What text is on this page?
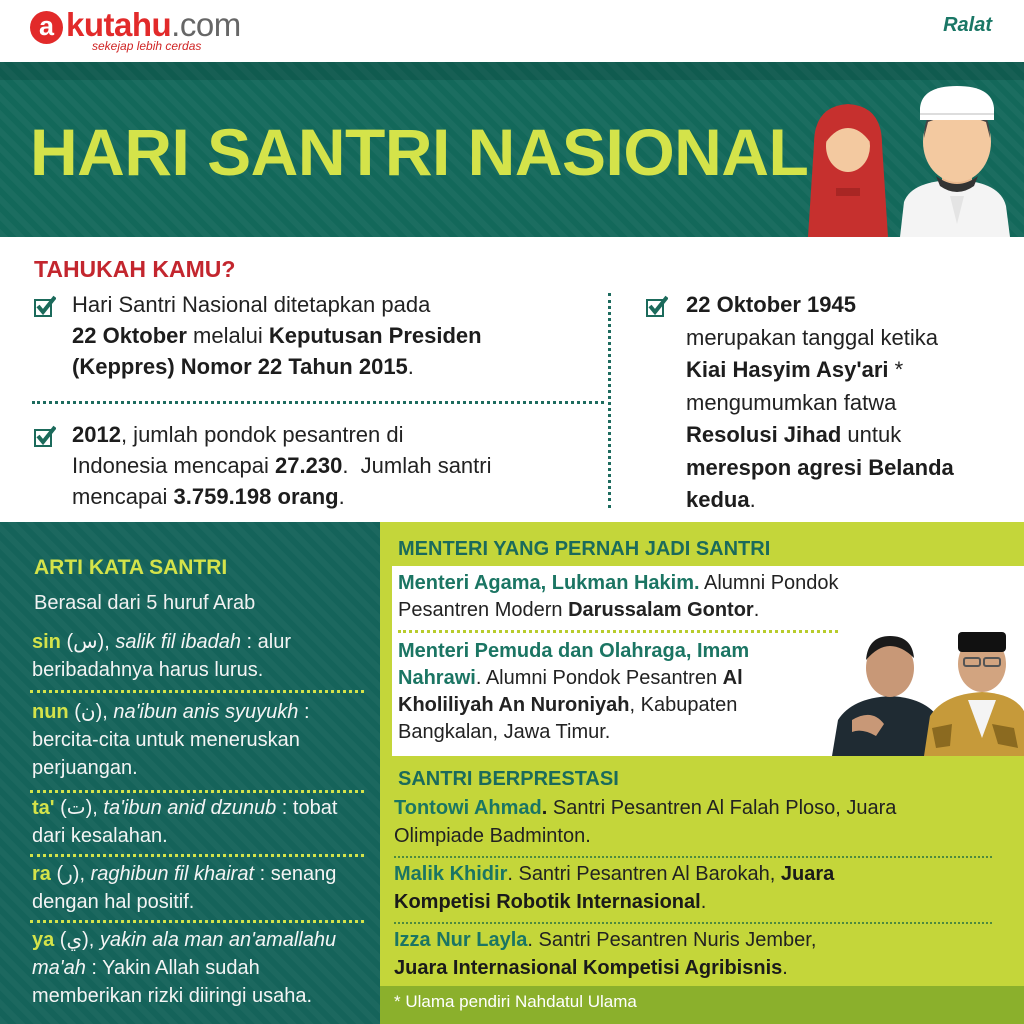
a kutahu.com
sekejap lebih cerdas
Ralat
HARI SANTRI NASIONAL
TAHUKAH KAMU?
Hari Santri Nasional ditetapkan pada
22 Oktober melalui Keputusan Presiden
(Keppres) Nomor 22 Tahun 2015.
2012, jumlah pondok pesantren di
Indonesia mencapai 27.230.  Jumlah santri
mencapai 3.759.198 orang.
22 Oktober 1945
merupakan tanggal ketika
Kiai Hasyim Asy'ari *
mengumumkan fatwa
Resolusi Jihad untuk
merespon agresi Belanda
kedua.
ARTI KATA SANTRI
Berasal dari 5 huruf Arab
sin (س), salik fil ibadah : alur beribadahnya harus lurus.
nun (ن), na'ibun anis syuyukh : bercita-cita untuk meneruskan perjuangan.
ta' (ت), ta'ibun anid dzunub : tobat dari kesalahan.
ra (ر), raghibun fil khairat : senang dengan hal positif.
ya (ي), yakin ala man an'amallahu ma'ah : Yakin Allah sudah memberikan rizki diiringi usaha.
MENTERI YANG PERNAH JADI SANTRI
Menteri Agama, Lukman Hakim. Alumni Pondok
Pesantren Modern Darussalam Gontor.
Menteri Pemuda dan Olahraga, Imam
Nahrawi. Alumni Pondok Pesantren Al
Kholiliyah An Nuroniyah, Kabupaten
Bangkalan, Jawa Timur.
SANTRI BERPRESTASI
Tontowi Ahmad. Santri Pesantren Al Falah Ploso, Juara
Olimpiade Badminton.
Malik Khidir. Santri Pesantren Al Barokah, Juara
Kompetisi Robotik Internasional.
Izza Nur Layla. Santri Pesantren Nuris Jember,
Juara Internasional Kompetisi Agribisnis.
* Ulama pendiri Nahdatul Ulama
